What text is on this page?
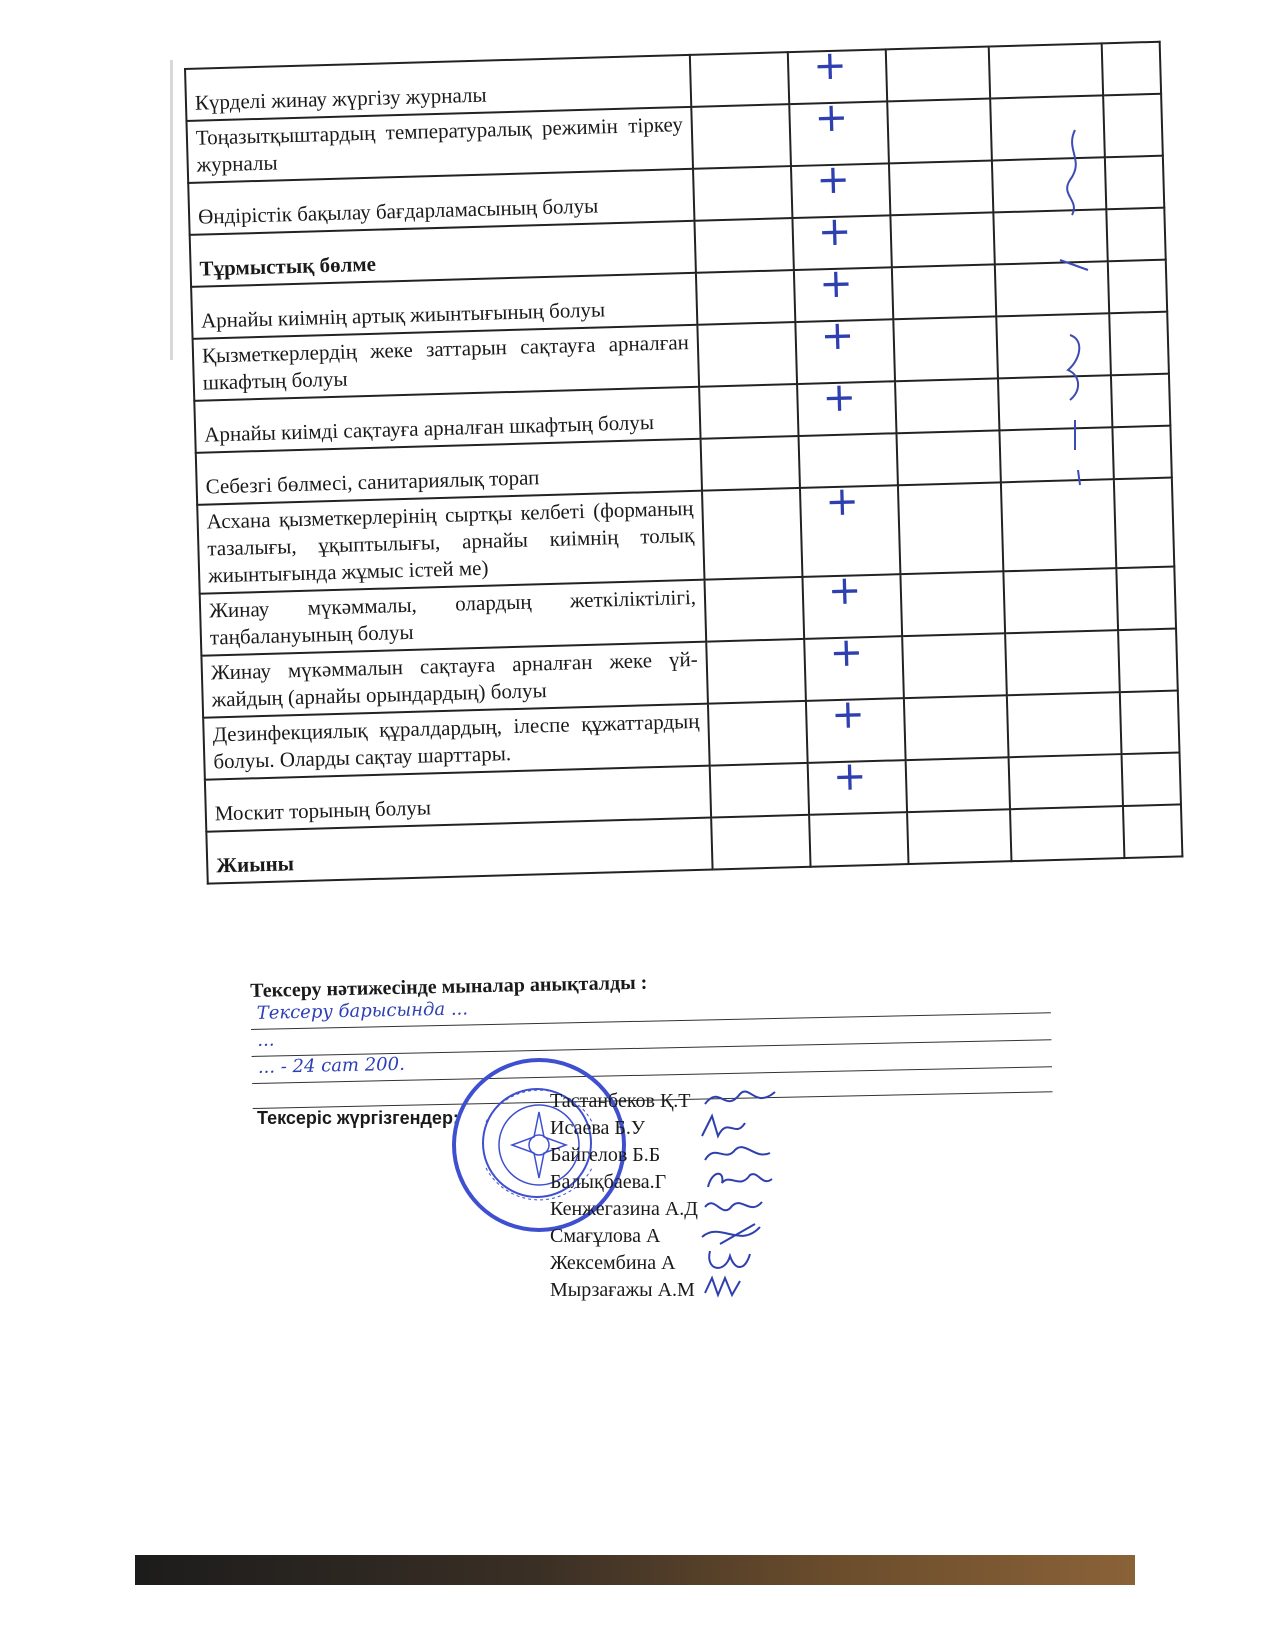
Күрделі жинау жүргізу журналы		+			

Тоңазытқыштардың температуралық режимін тіркеу журналы		+			

Өндірістік бақылау бағдарламасының болуы		+			

Тұрмыстық бөлме		+			

Арнайы киімнің артық жиынтығының болуы		+			

Қызметкерлердің жеке заттарын сақтауға арналған шкафтың болуы		+			

Арнайы киімді сақтауға арналған шкафтың болуы		+			

Себезгі бөлмесі, санитариялық торап		

Асхана қызметкерлерінің сыртқы келбеті (форманың тазалығы, ұқыптылығы, арнайы киімнің толық жиынтығында жұмыс істей ме)		+			

Жинау мүкәммалы, олардың жеткіліктілігі, таңбалануының болуы		+			

Жинау мүкәммалын сақтауға арналған жеке үй-жайдың (арнайы орындардың) болуы		+			

Дезинфекциялық құралдардың, ілеспе құжаттардың болуы. Оларды сақтау шарттары.		+			

Москит торының болуы		+			

Жиыны		

Тексеру нәтижесінде мыналар анықталды :
Тексеру барысында ...
...
... - 24 сат 200.
Тексеріс жүргізгендер:
Тастанбеков Қ.Т
Исаева Б.У
Байгелов Б.Б
Балықбаева.Г
Кенжегазина А.Д
Смағұлова А
Жексембина А
Мырзағажы А.М
